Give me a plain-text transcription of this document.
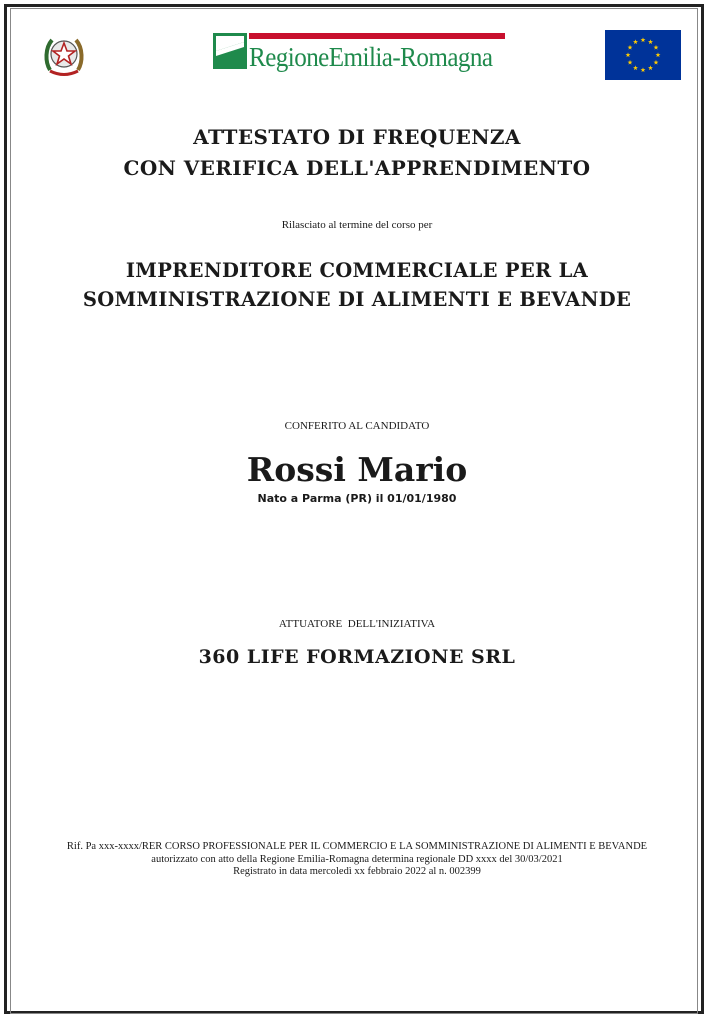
RegioneEmilia-Romagna
ATTESTATO DI FREQUENZA
CON VERIFICA DELL'APPRENDIMENTO
Rilasciato al termine del corso per
IMPRENDITORE COMMERCIALE PER LA
SOMMINISTRAZIONE DI ALIMENTI E BEVANDE
CONFERITO AL CANDIDATO
Rossi Mario
Nato a Parma (PR) il 01/01/1980
ATTUATORE  DELL'INIZIATIVA
360 LIFE FORMAZIONE SRL
Rif. Pa xxx-xxxx/RER CORSO PROFESSIONALE PER IL COMMERCIO E LA SOMMINISTRAZIONE DI ALIMENTI E BEVANDE
autorizzato con atto della Regione Emilia-Romagna determina regionale DD xxxx del 30/03/2021
Registrato in data mercoledì xx febbraio 2022 al n. 002399
